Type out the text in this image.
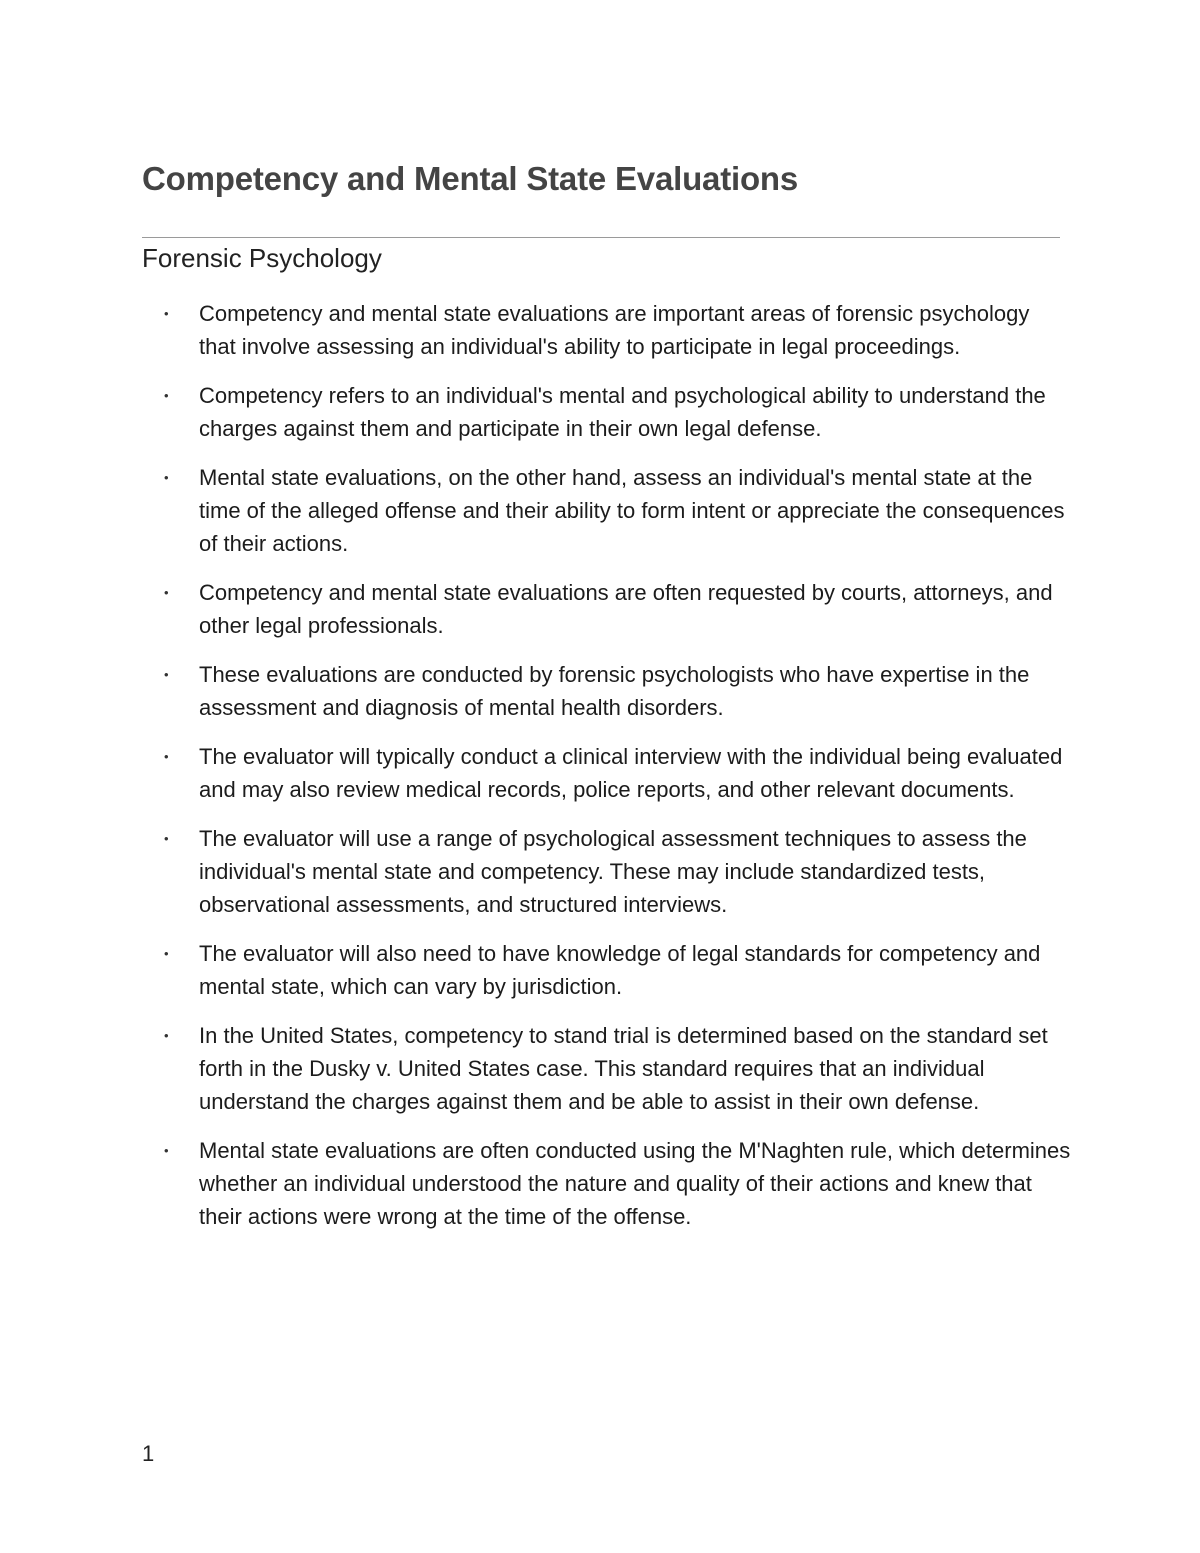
Competency and Mental State Evaluations
Forensic Psychology
• Competency and mental state evaluations are important areas of forensic psychology that involve assessing an individual's ability to participate in legal proceedings.
• Competency refers to an individual's mental and psychological ability to understand the charges against them and participate in their own legal defense.
• Mental state evaluations, on the other hand, assess an individual's mental state at the time of the alleged offense and their ability to form intent or appreciate the consequences of their actions.
• Competency and mental state evaluations are often requested by courts, attorneys, and other legal professionals.
• These evaluations are conducted by forensic psychologists who have expertise in the assessment and diagnosis of mental health disorders.
• The evaluator will typically conduct a clinical interview with the individual being evaluated and may also review medical records, police reports, and other relevant documents.
• The evaluator will use a range of psychological assessment techniques to assess the individual's mental state and competency. These may include standardized tests, observational assessments, and structured interviews.
• The evaluator will also need to have knowledge of legal standards for competency and mental state, which can vary by jurisdiction.
• In the United States, competency to stand trial is determined based on the standard set forth in the Dusky v. United States case. This standard requires that an individual understand the charges against them and be able to assist in their own defense.
• Mental state evaluations are often conducted using the M'Naghten rule, which determines whether an individual understood the nature and quality of their actions and knew that their actions were wrong at the time of the offense.
1
